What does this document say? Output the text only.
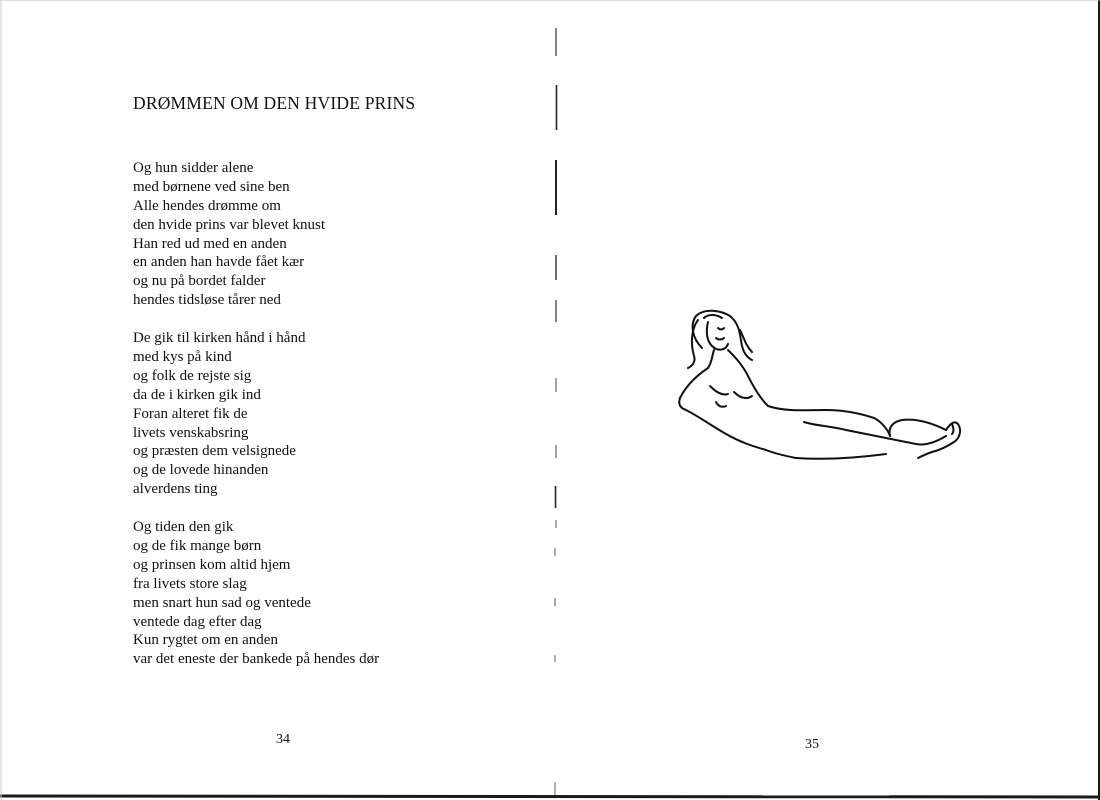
DRØMMEN OM DEN HVIDE PRINS
Og hun sidder alene
med børnene ved sine ben
Alle hendes drømme om
den hvide prins var blevet knust
Han red ud med en anden
en anden han havde fået kær
og nu på bordet falder
hendes tidsløse tårer ned
De gik til kirken hånd i hånd
med kys på kind
og folk de rejste sig
da de i kirken gik ind
Foran alteret fik de
livets venskabsring
og præsten dem velsignede
og de lovede hinanden
alverdens ting
Og tiden den gik
og de fik mange børn
og prinsen kom altid hjem
fra livets store slag
men snart hun sad og ventede
ventede dag efter dag
Kun rygtet om en anden
var det eneste der bankede på hendes dør
34	35
